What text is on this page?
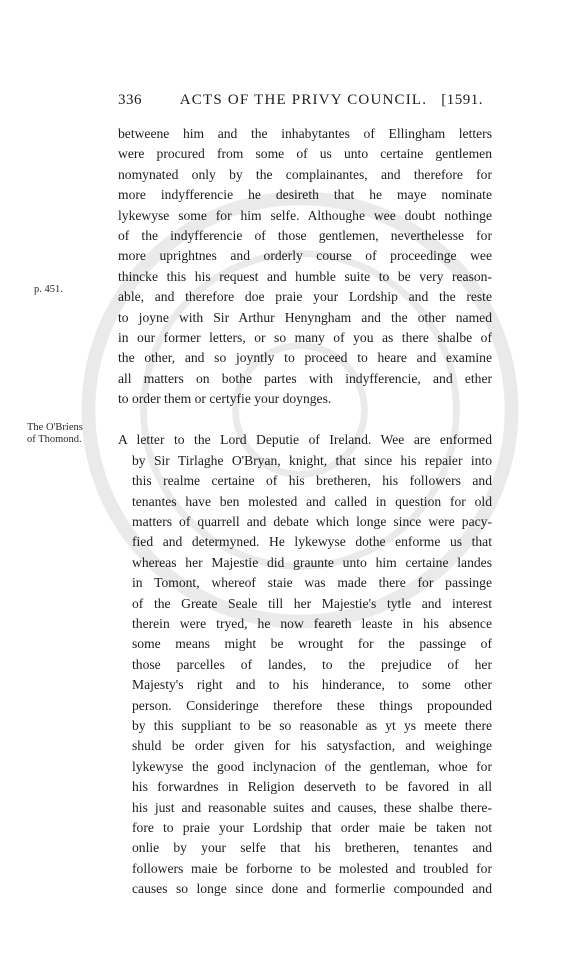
336	ACTS OF THE PRIVY COUNCIL. [1591.
p. 451.
The O'Briens
of Thomond.

betweene him and the inhabytantes of Ellingham letters
were procured from some of us unto certaine gentlemen
nomynated only by the complainantes, and therefore for
more indyfferencie he desireth that he maye nominate
lykewyse some for him selfe. Althoughe wee doubt nothinge
of the indyfferencie of those gentlemen, neverthelesse for
more uprightnes and orderly course of proceedinge wee
thincke this his request and humble suite to be very reason-
able, and therefore doe praie your Lordship and the reste
to joyne with Sir Arthur Henyngham and the other named
in our former letters, or so many of you as there shalbe of
the other, and so joyntly to proceed to heare and examine
all matters on bothe partes with indyfferencie, and ether
to order them or certyfie your doynges.

A letter to the Lord Deputie of Ireland. Wee are enformed
by Sir Tirlaghe O'Bryan, knight, that since his repaier into
this realme certaine of his bretheren, his followers and
tenantes have ben molested and called in question for old
matters of quarrell and debate which longe since were pacy-
fied and determyned. He lykewyse dothe enforme us that
whereas her Majestie did graunte unto him certaine landes
in Tomont, whereof staie was made there for passinge
of the Greate Seale till her Majestie's tytle and interest
therein were tryed, he now feareth leaste in his absence
some means might be wrought for the passinge of
those parcelles of landes, to the prejudice of her
Majesty's right and to his hinderance, to some other
person. Consideringe therefore these things propounded
by this suppliant to be so reasonable as yt ys meete there
shuld be order given for his satysfaction, and weighinge
lykewyse the good inclynacion of the gentleman, whoe for
his forwardnes in Religion deserveth to be favored in all
his just and reasonable suites and causes, these shalbe there-
fore to praie your Lordship that order maie be taken not
onlie by your selfe that his bretheren, tenantes and
followers maie be forborne to be molested and troubled for
causes so longe since done and formerlie compounded and
